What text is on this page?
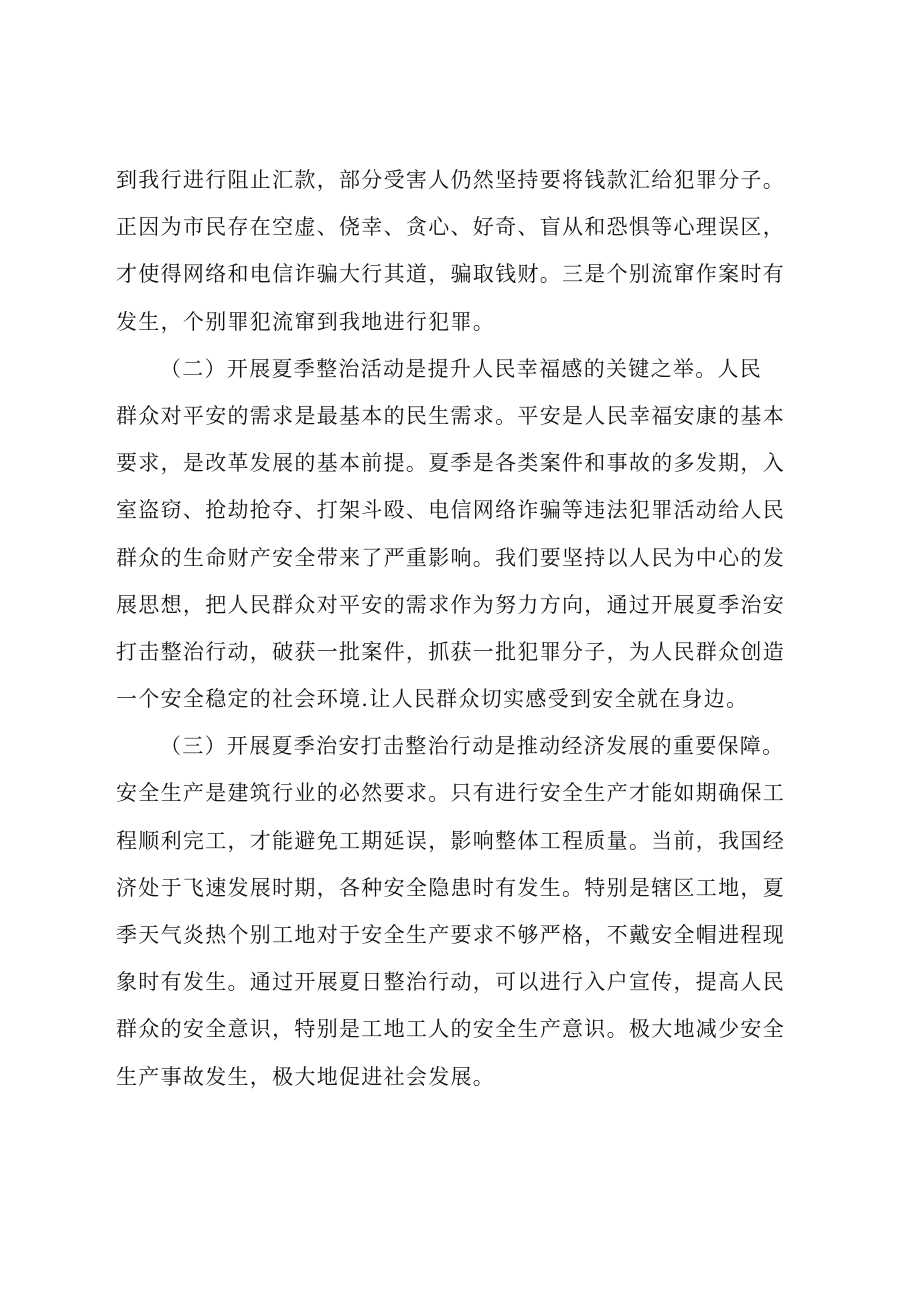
到我行进行阻止汇款，部分受害人仍然坚持要将钱款汇给犯罪分子。

正因为市民存在空虚、侥幸、贪心、好奇、盲从和恐惧等心理误区，

才使得网络和电信诈骗大行其道，骗取钱财。三是个别流窜作案时有

发生，个别罪犯流窜到我地进行犯罪。

（二）开展夏季整治活动是提升人民幸福感的关键之举。人民

群众对平安的需求是最基本的民生需求。平安是人民幸福安康的基本

要求，是改革发展的基本前提。夏季是各类案件和事故的多发期，入

室盗窃、抢劫抢夺、打架斗殴、电信网络诈骗等违法犯罪活动给人民

群众的生命财产安全带来了严重影响。我们要坚持以人民为中心的发

展思想，把人民群众对平安的需求作为努力方向，通过开展夏季治安

打击整治行动，破获一批案件，抓获一批犯罪分子，为人民群众创造

一个安全稳定的社会环境.让人民群众切实感受到安全就在身边。

（三）开展夏季治安打击整治行动是推动经济发展的重要保障。

安全生产是建筑行业的必然要求。只有进行安全生产才能如期确保工

程顺利完工，才能避免工期延误，影响整体工程质量。当前，我国经

济处于飞速发展时期，各种安全隐患时有发生。特别是辖区工地，夏

季天气炎热个别工地对于安全生产要求不够严格，不戴安全帽进程现

象时有发生。通过开展夏日整治行动，可以进行入户宣传，提高人民

群众的安全意识，特别是工地工人的安全生产意识。极大地减少安全

生产事故发生，极大地促进社会发展。
